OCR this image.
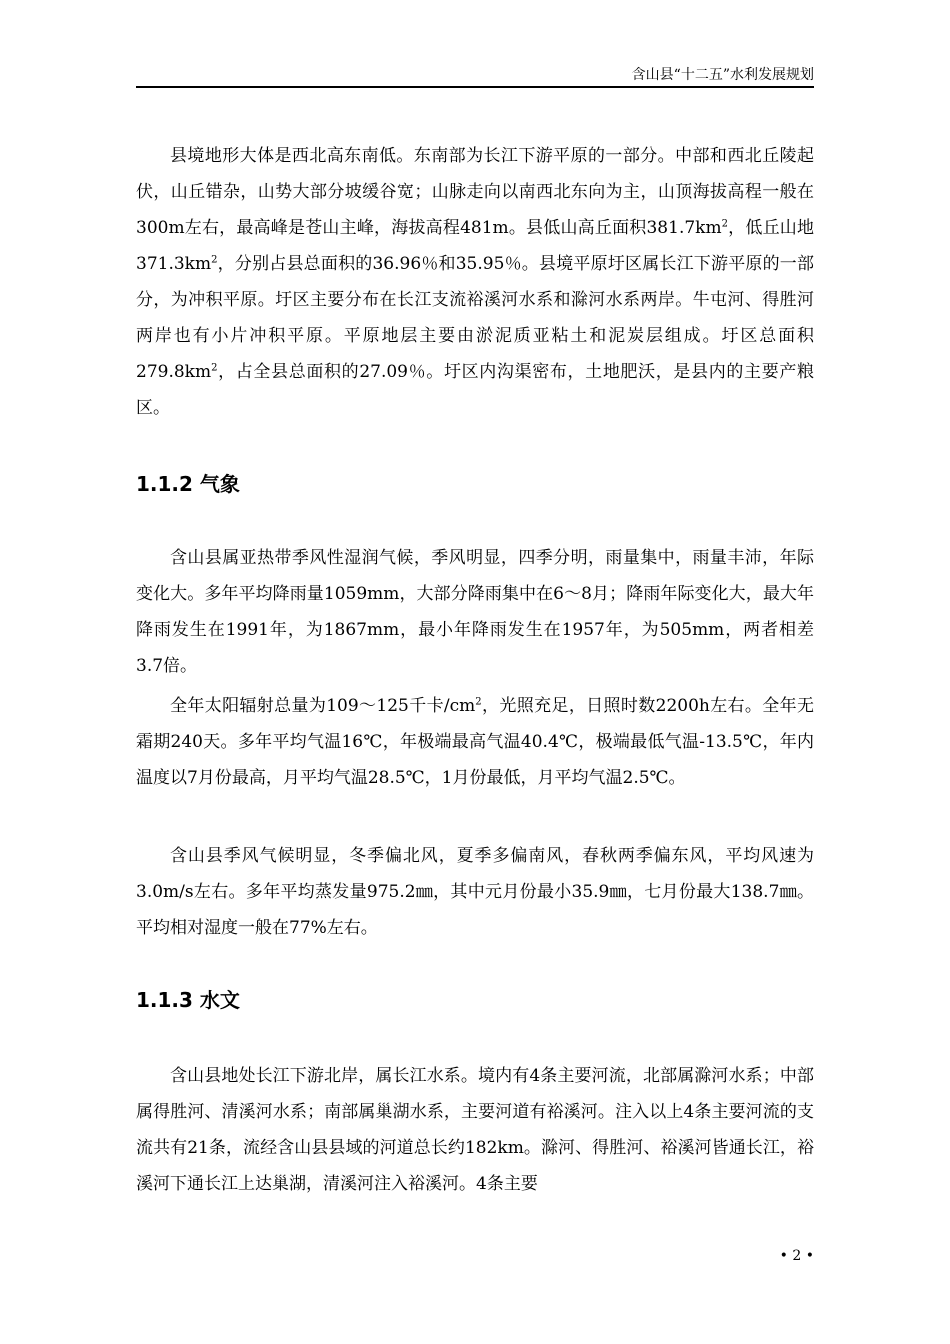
含山县“十二五”水利发展规划

县境地形大体是西北高东南低。东南部为长江下游平原的一部分。中部和西北丘陵起伏，山丘错杂，山势大部分坡缓谷宽；山脉走向以南西北东向为主，山顶海拔高程一般在300m左右，最高峰是苍山主峰，海拔高程481m。县低山高丘面积$381.7km^2$，低丘山地$371.3km^2$，分别占县总面积的36.96％和35.95％。县境平原圩区属长江下游平原的一部分，为冲积平原。圩区主要分布在长江支流裕溪河水系和滁河水系两岸。牛屯河、得胜河两岸也有小片冲积平原。平原地层主要由淤泥质亚粘土和泥炭层组成。圩区总面积$279.8km^2$，占全县总面积的27.09％。圩区内沟渠密布，土地肥沃，是县内的主要产粮区。

1.1.2 气象

含山县属亚热带季风性湿润气候，季风明显，四季分明，雨量集中，雨量丰沛，年际变化大。多年平均降雨量1059mm，大部分降雨集中在6～8月；降雨年际变化大，最大年降雨发生在1991年，为1867mm，最小年降雨发生在1957年，为505mm，两者相差3.7倍。

全年太阳辐射总量为109～125千卡$/cm^2$，光照充足，日照时数2200h左右。全年无霜期240天。多年平均气温16℃，年极端最高气温40.4℃，极端最低气温-13.5℃，年内温度以7月份最高，月平均气温28.5℃，1月份最低，月平均气温2.5℃。

含山县季风气候明显，冬季偏北风，夏季多偏南风，春秋两季偏东风，平均风速为3.0m/s左右。多年平均蒸发量975.2㎜，其中元月份最小35.9㎜，七月份最大138.7㎜。平均相对湿度一般在77%左右。

1.1.3 水文

含山县地处长江下游北岸，属长江水系。境内有4条主要河流，北部属滁河水系；中部属得胜河、清溪河水系；南部属巢湖水系，主要河道有裕溪河。注入以上4条主要河流的支流共有21条，流经含山县县域的河道总长约182km。滁河、得胜河、裕溪河皆通长江，裕溪河下通长江上达巢湖，清溪河注入裕溪河。4条主要

• 2 •
